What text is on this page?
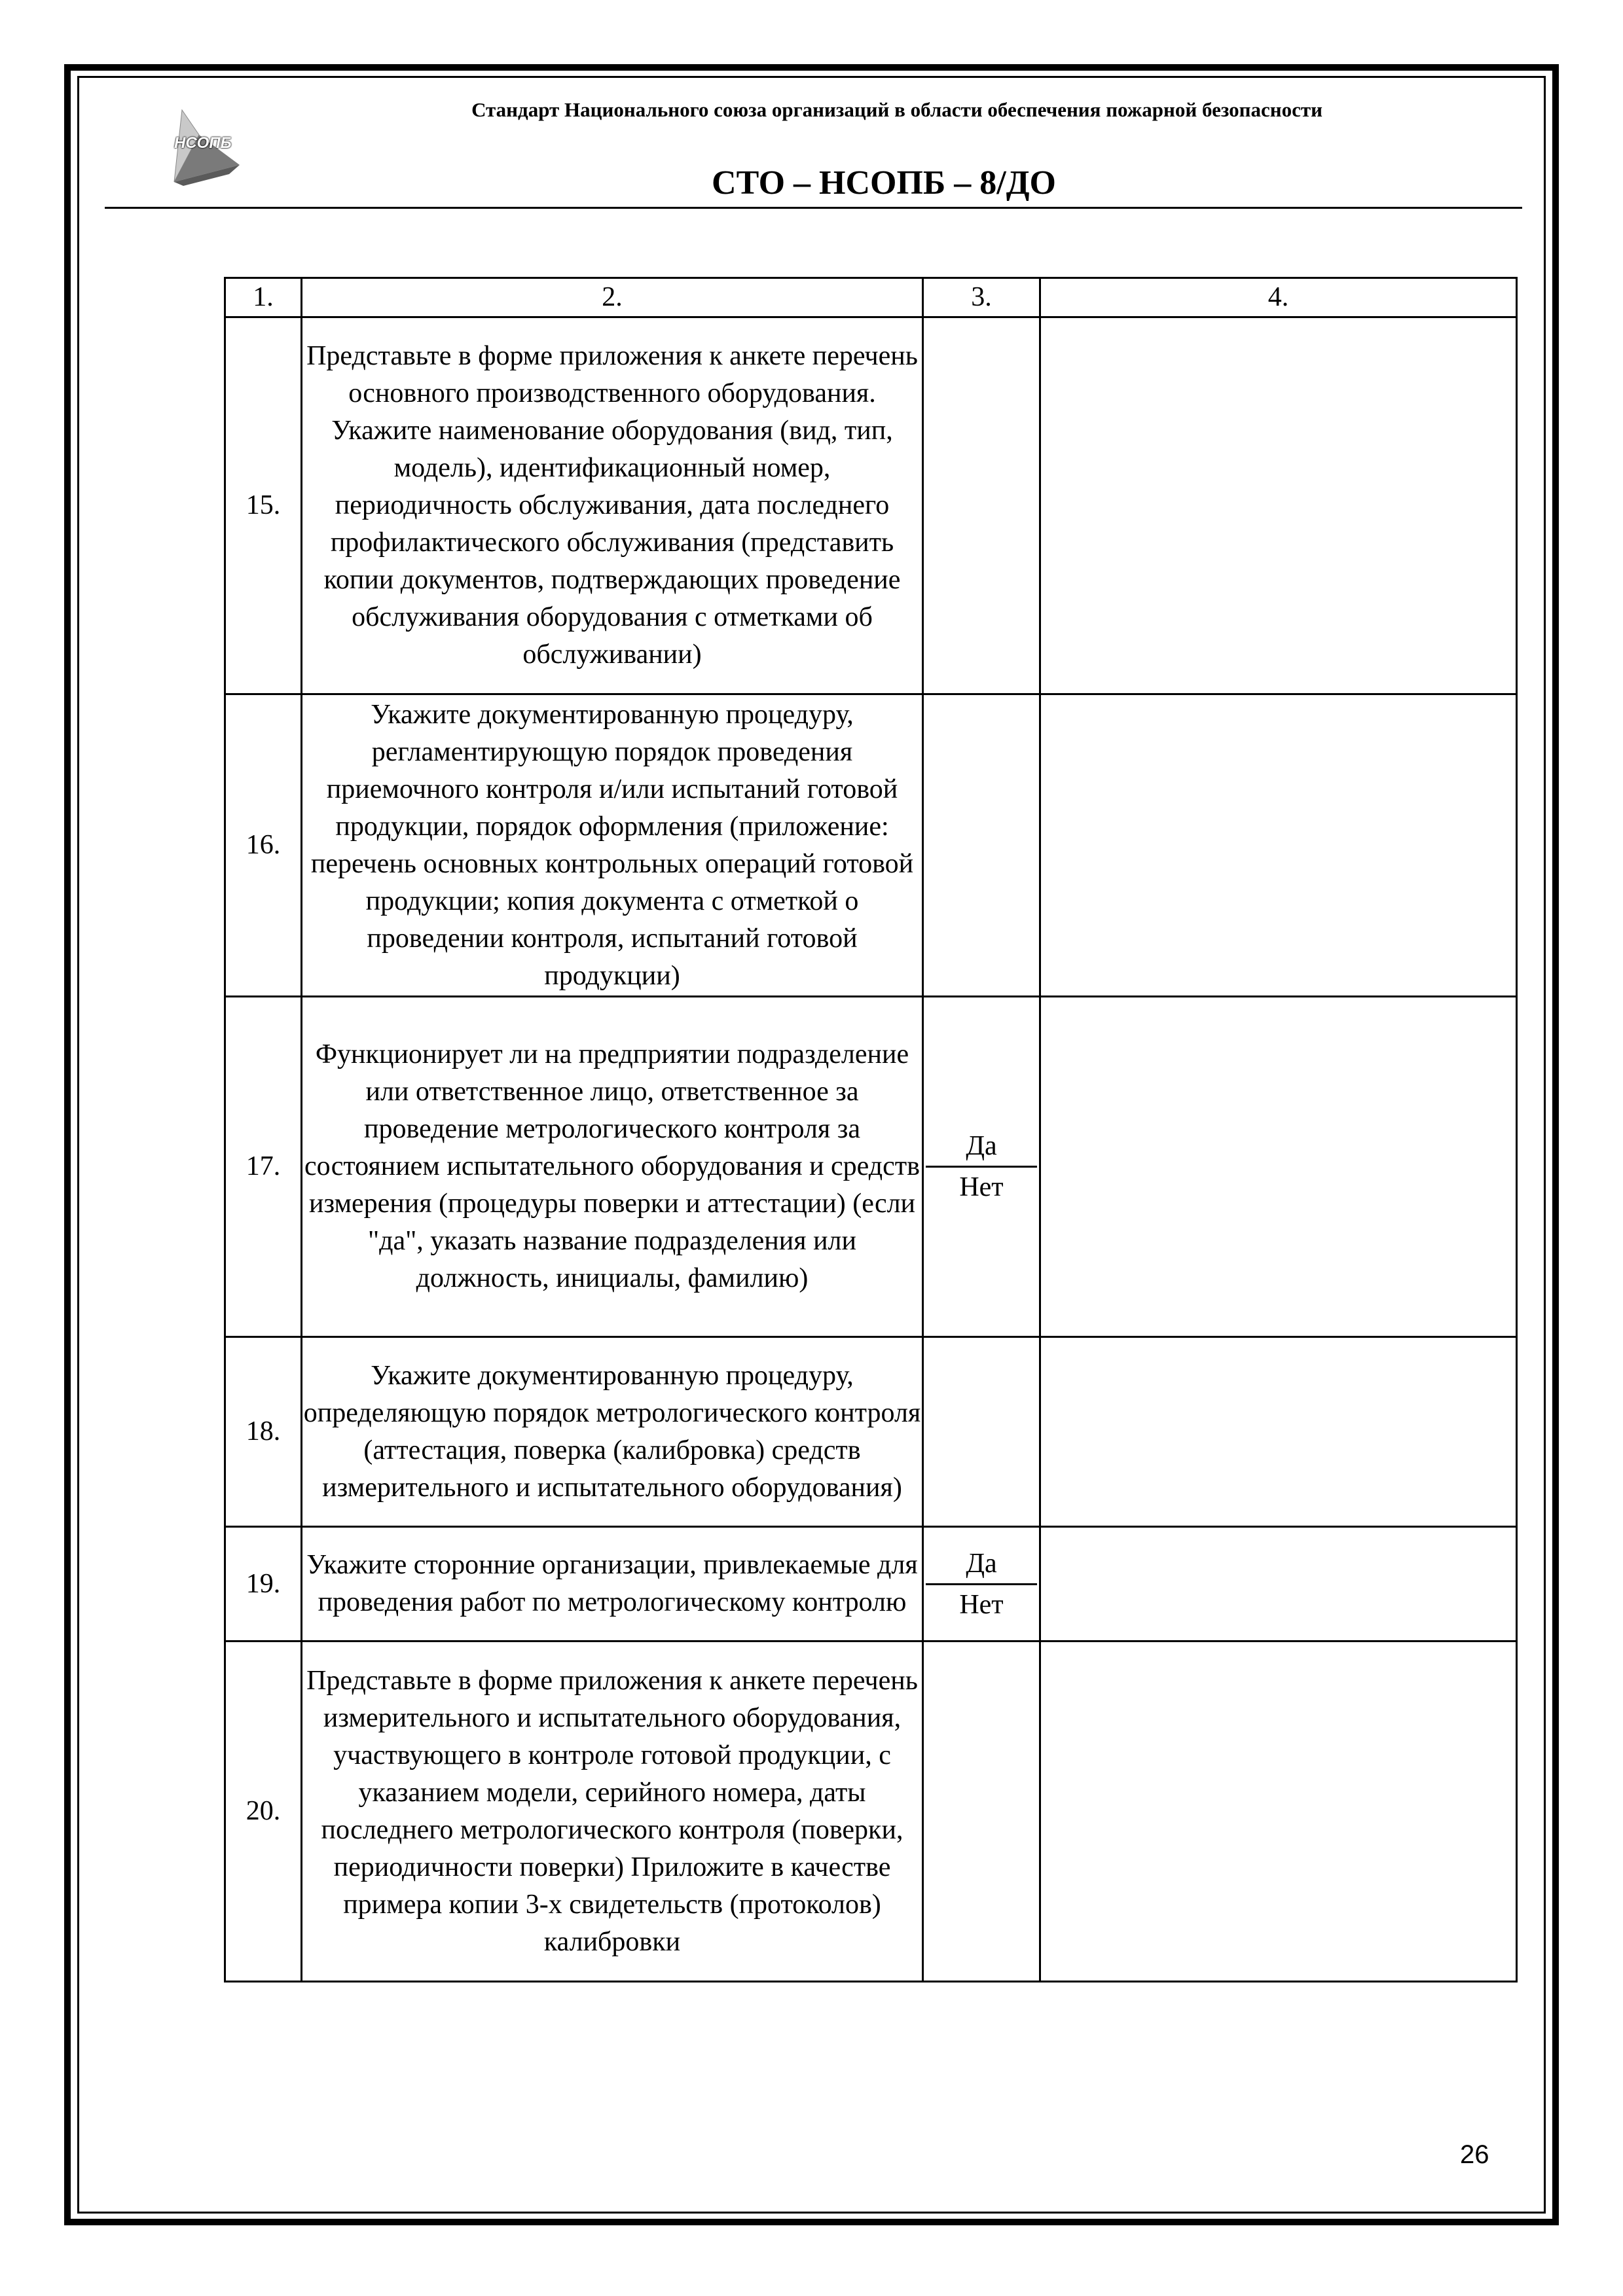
НСОПБ
Стандарт Национального союза организаций в области обеспечения пожарной безопасности
СТО – НСОПБ – 8/ДО
1.	2.	3.	4.
15.	Представьте в форме приложения к анкете перечень основного производственного оборудования. Укажите наименование оборудования (вид, тип, модель), идентификационный номер, периодичность обслуживания, дата последнего профилактического обслуживания (представить копии документов, подтверждающих проведение обслуживания оборудования с отметками об обслуживании)		
16.	Укажите документированную процедуру, регламентирующую порядок проведения приемочного контроля и/или испытаний готовой продукции, порядок оформления (приложение: перечень основных контрольных операций готовой продукции; копия документа с отметкой о проведении контроля, испытаний готовой продукции)		
17.	Функционирует ли на предприятии подразделение или ответственное лицо, ответственное за проведение метрологического контроля за состоянием испытательного оборудования и средств измерения (процедуры поверки и аттестации) (если "да", указать название подразделения или должность, инициалы, фамилию)	Да
Нет	

18.	Укажите документированную процедуру, определяющую порядок метрологического контроля (аттестация, поверка (калибровка) средств измерительного и испытательного оборудования)		
19.	Укажите сторонние организации, привлекаемые для проведения работ по метрологическому контролю	Да
Нет	

20.	Представьте в форме приложения к анкете перечень измерительного и испытательного оборудования, участвующего в контроле готовой продукции, с указанием модели, серийного номера, даты последнего метрологического контроля (поверки, периодичности поверки) Приложите в качестве примера копии 3-х свидетельств (протоколов) калибровки		
26
